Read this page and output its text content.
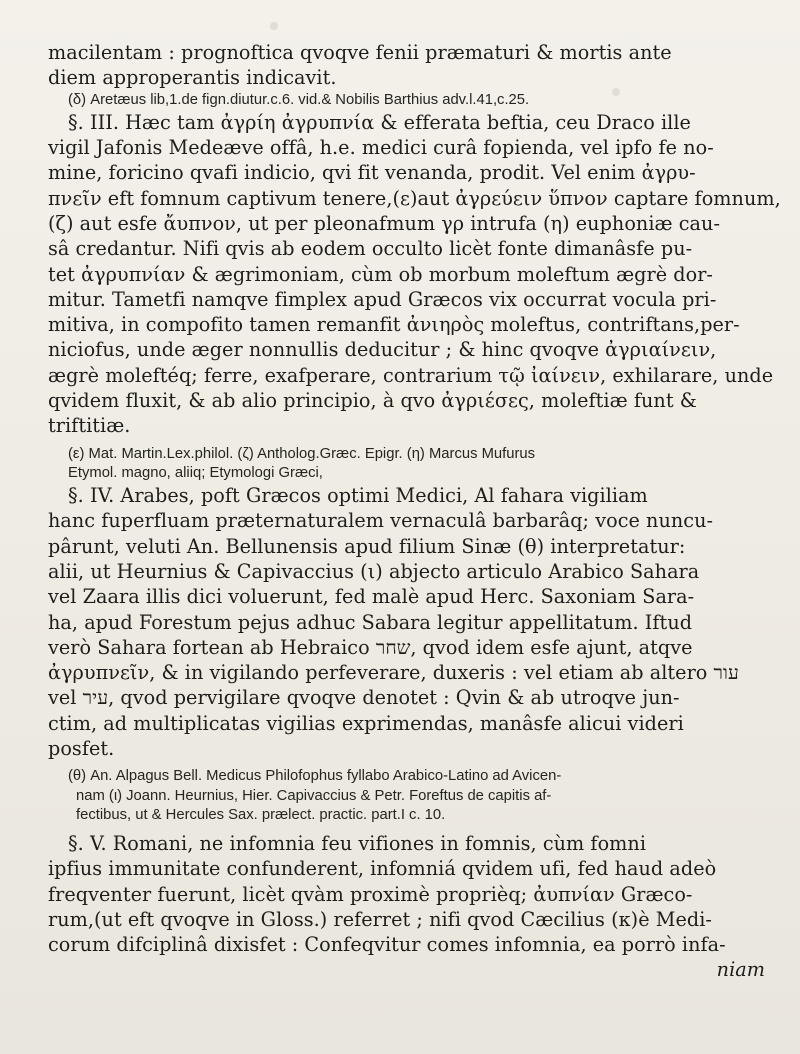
macilentam : prognoftica qvoqve fenii præmaturi & mortis ante
diem approperantis indicavit.
(δ) Aretæus lib,1.de fign.diutur.c.6. vid.& Nobilis Barthius adv.l.41,c.25.
§. III. Hæc tam ἀγρίη ἀγρυπνία & efferata beftia, ceu Draco ille
vigil Jafonis Medeæve offâ, h.e. medici curâ fopienda, vel ipfo fe no-
mine, foricino qvafi indicio, qvi fit venanda, prodit. Vel enim ἀγρυ-
πνεῖν eft fomnum captivum tenere,(ε)aut ἀγρεύειν ὕπνον captare fomnum,
(ζ) aut esfe ἄυπνον, ut per pleonafmum γρ intrufa (η) euphoniæ cau-
sâ credantur. Nifi qvis ab eodem occulto licèt fonte dimanâsfe pu-
tet ἀγρυπνίαν & ægrimoniam, cùm ob morbum moleftum ægrè dor-
mitur. Tametfi namqve fimplex apud Græcos vix occurrat vocula pri-
mitiva, in compofito tamen remanfit ἀνιηρὸς moleftus, contriftans,per-
niciofus, unde æger nonnullis deducitur ; & hinc qvoqve ἀγριαίνειν,
ægrè moleftéq; ferre, exafperare, contrarium τῷ ἰαίνειν, exhilarare, unde
qvidem fluxit, & ab alio principio, à qvo ἀγριέσες, moleftiæ funt &
triftitiæ.
(ε) Mat. Martin.Lex.philol. (ζ) Antholog.Græc. Epigr. (η) Marcus Mufurus
Etymol. magno, aliiq; Etymologi Græci,
§. IV. Arabes, poft Græcos optimi Medici, Al fahara vigiliam
hanc fuperfluam præternaturalem vernaculâ barbarâq; voce nuncu-
pârunt, veluti An. Bellunensis apud filium Sinæ (θ) interpretatur:
alii, ut Heurnius & Capivaccius (ι) abjecto articulo Arabico Sahara
vel Zaara illis dici voluerunt, fed malè apud Herc. Saxoniam Sara-
ha, apud Forestum pejus adhuc Sabara legitur appellitatum. Iftud
verò Sahara fortean ab Hebraico שחר, qvod idem esfe ajunt, atqve
ἀγρυπνεῖν, & in vigilando perfeverare, duxeris : vel etiam ab altero עור
vel עיר, qvod pervigilare qvoqve denotet : Qvin & ab utroqve jun-
ctim, ad multiplicatas vigilias exprimendas, manâsfe alicui videri
posfet.
(θ) An. Alpagus Bell. Medicus Philofophus fyllabo Arabico-Latino ad Avicen-
nam (ι) Joann. Heurnius, Hier. Capivaccius & Petr. Foreftus de capitis af-
fectibus, ut & Hercules Sax. prælect. practic. part.I c. 10.
§. V. Romani, ne infomnia feu vifiones in fomnis, cùm fomni
ipfius immunitate confunderent, infomniá qvidem ufi, fed haud adeò
freqventer fuerunt, licèt qvàm proximè proprièq; ἀυπνίαν Græco-
rum,(ut eft qvoqve in Gloss.) referret ; nifi qvod Cæcilius (κ)è Medi-
corum difciplinâ dixisfet : Confeqvitur comes infomnia, ea porrò infa-
niam
